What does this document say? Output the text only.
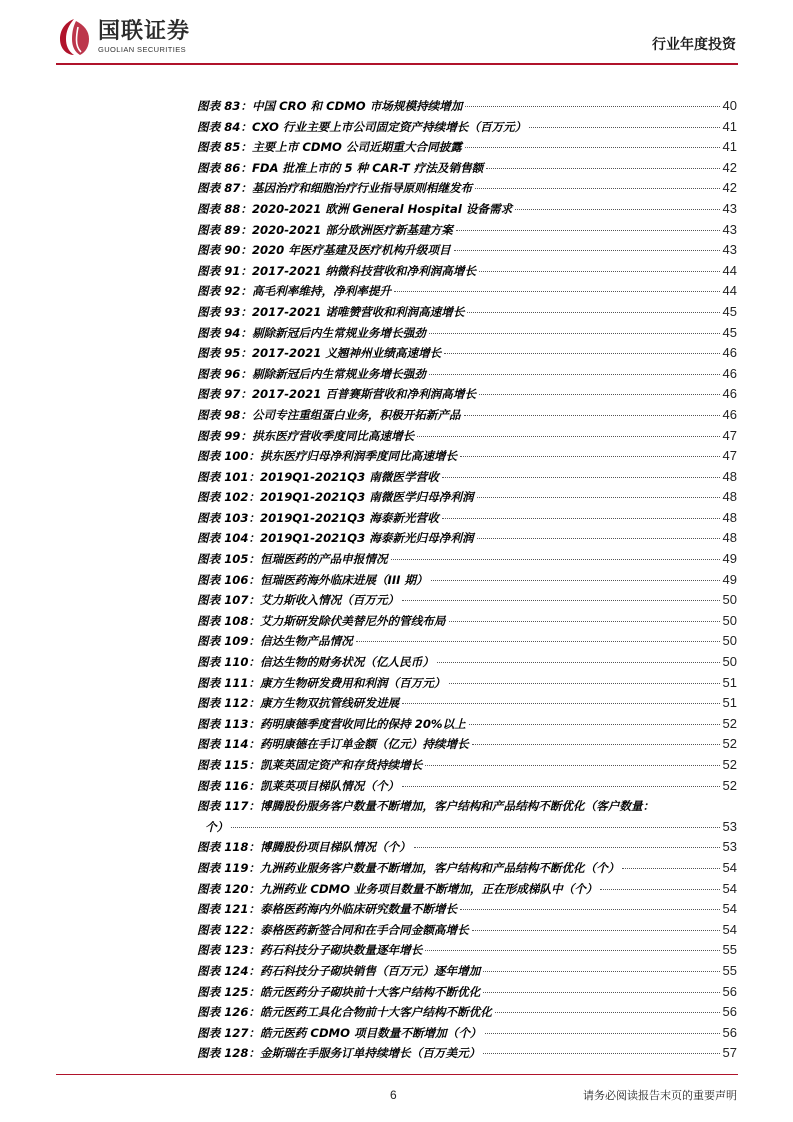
国联证券
GUOLIAN SECURITIES	行业年度投资
图表 83：中国 CRO 和 CDMO 市场规模持续增加	40
图表 84：CXO 行业主要上市公司固定资产持续增长（百万元）	41
图表 85：主要上市 CDMO 公司近期重大合同披露	41
图表 86：FDA 批准上市的 5 种 CAR-T 疗法及销售额	42
图表 87：基因治疗和细胞治疗行业指导原则相继发布	42
图表 88：2020-2021 欧洲 General Hospital 设备需求	43
图表 89：2020-2021 部分欧洲医疗新基建方案	43
图表 90：2020 年医疗基建及医疗机构升级项目	43
图表 91：2017-2021 纳微科技营收和净利润高增长	44
图表 92：高毛利率维持，净利率提升	44
图表 93：2017-2021 诺唯赞营收和利润高速增长	45
图表 94：剔除新冠后内生常规业务增长强劲	45
图表 95：2017-2021 义翘神州业绩高速增长	46
图表 96：剔除新冠后内生常规业务增长强劲	46
图表 97：2017-2021 百普赛斯营收和净利润高增长	46
图表 98：公司专注重组蛋白业务，积极开拓新产品	46
图表 99：拱东医疗营收季度同比高速增长	47
图表 100：拱东医疗归母净利润季度同比高速增长	47
图表 101：2019Q1-2021Q3 南微医学营收	48
图表 102：2019Q1-2021Q3 南微医学归母净利润	48
图表 103：2019Q1-2021Q3 海泰新光营收	48
图表 104：2019Q1-2021Q3 海泰新光归母净利润	48
图表 105：恒瑞医药的产品申报情况	49
图表 106：恒瑞医药海外临床进展（III 期）	49
图表 107：艾力斯收入情况（百万元）	50
图表 108：艾力斯研发除伏美替尼外的管线布局	50
图表 109：信达生物产品情况	50
图表 110：信达生物的财务状况（亿人民币）	50
图表 111：康方生物研发费用和利润（百万元）	51
图表 112：康方生物双抗管线研发进展	51
图表 113：药明康德季度营收同比的保持 20%以上	52
图表 114：药明康德在手订单金额（亿元）持续增长	52
图表 115：凯莱英固定资产和存货持续增长	52
图表 116：凯莱英项目梯队情况（个）	52
图表 117：博腾股份服务客户数量不断增加，客户结构和产品结构不断优化（客户数量：
个）	53
图表 118：博腾股份项目梯队情况（个）	53
图表 119：九洲药业服务客户数量不断增加，客户结构和产品结构不断优化（个）	54
图表 120：九洲药业 CDMO 业务项目数量不断增加，正在形成梯队中（个）	54
图表 121：泰格医药海内外临床研究数量不断增长	54
图表 122：泰格医药新签合同和在手合同金额高增长	54
图表 123：药石科技分子砌块数量逐年增长	55
图表 124：药石科技分子砌块销售（百万元）逐年增加	55
图表 125：皓元医药分子砌块前十大客户结构不断优化	56
图表 126：皓元医药工具化合物前十大客户结构不断优化	56
图表 127：皓元医药 CDMO 项目数量不断增加（个）	56
图表 128：金斯瑞在手服务订单持续增长（百万美元）	57
6	请务必阅读报告末页的重要声明
